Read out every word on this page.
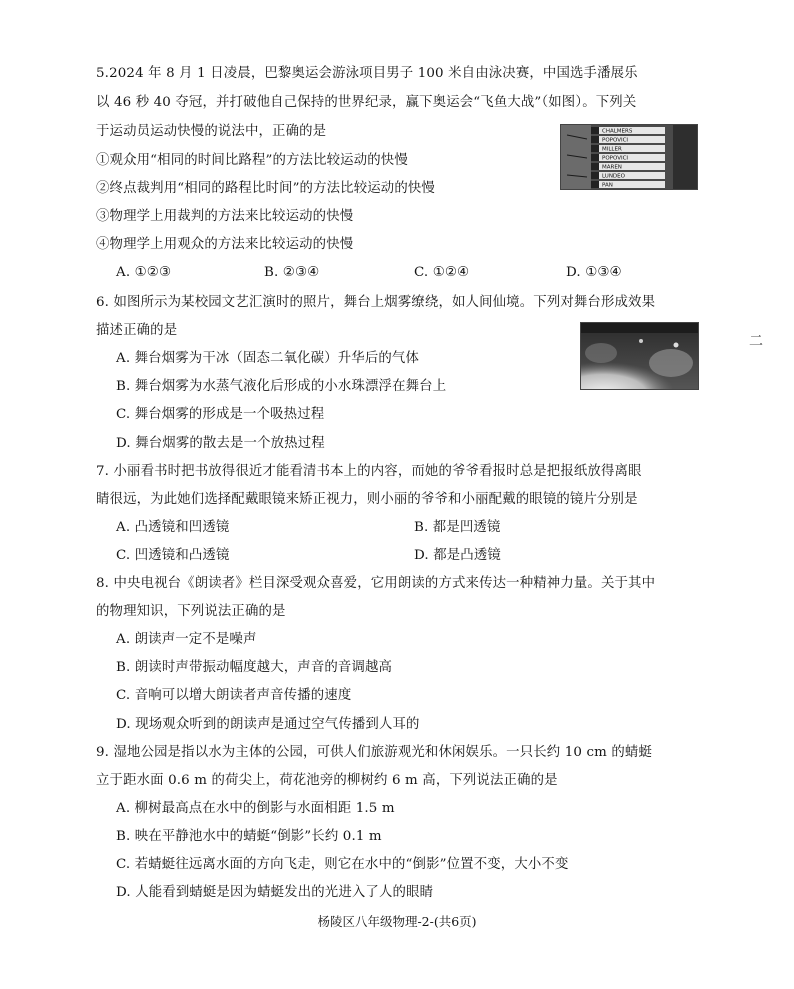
5.2024 年 8 月 1 日凌晨，巴黎奥运会游泳项目男子 100 米自由泳决赛，中国选手潘展乐
以 46 秒 40 夺冠，并打破他自己保持的世界纪录，赢下奥运会“飞鱼大战”（如图）。下列关
于运动员运动快慢的说法中，正确的是
①观众用“相同的时间比路程”的方法比较运动的快慢
②终点裁判用“相同的路程比时间”的方法比较运动的快慢
③物理学上用裁判的方法来比较运动的快慢
④物理学上用观众的方法来比较运动的快慢
A. ①②③	B. ②③④	C. ①②④	D. ①③④
CHALMERS
POPOVICI
MILLER
POPOVICI
MAREN
LUNDEO
PAN
6. 如图所示为某校园文艺汇演时的照片，舞台上烟雾缭绕，如人间仙境。下列对舞台形成效果
描述正确的是
A. 舞台烟雾为干冰（固态二氧化碳）升华后的气体
B. 舞台烟雾为水蒸气液化后形成的小水珠漂浮在舞台上
C. 舞台烟雾的形成是一个吸热过程
D. 舞台烟雾的散去是一个放热过程
7. 小丽看书时把书放得很近才能看清书本上的内容，而她的爷爷看报时总是把报纸放得离眼
睛很远，为此她们选择配戴眼镜来矫正视力，则小丽的爷爷和小丽配戴的眼镜的镜片分别是
A. 凸透镜和凹透镜	B. 都是凹透镜
C. 凹透镜和凸透镜	D. 都是凸透镜
8. 中央电视台《朗读者》栏目深受观众喜爱，它用朗读的方式来传达一种精神力量。关于其中
的物理知识，下列说法正确的是
A. 朗读声一定不是噪声
B. 朗读时声带振动幅度越大，声音的音调越高
C. 音响可以增大朗读者声音传播的速度
D. 现场观众听到的朗读声是通过空气传播到人耳的
9. 湿地公园是指以水为主体的公园，可供人们旅游观光和休闲娱乐。一只长约 10 cm 的蜻蜓
立于距水面 0.6 m 的荷尖上，荷花池旁的柳树约 6 m 高，下列说法正确的是
A. 柳树最高点在水中的倒影与水面相距 1.5 m
B. 映在平静池水中的蜻蜓“倒影”长约 0.1 m
C. 若蜻蜓往远离水面的方向飞走，则它在水中的“倒影”位置不变，大小不变
D. 人能看到蜻蜓是因为蜻蜓发出的光进入了人的眼睛
二
杨陵区八年级物理-2-(共6页)
